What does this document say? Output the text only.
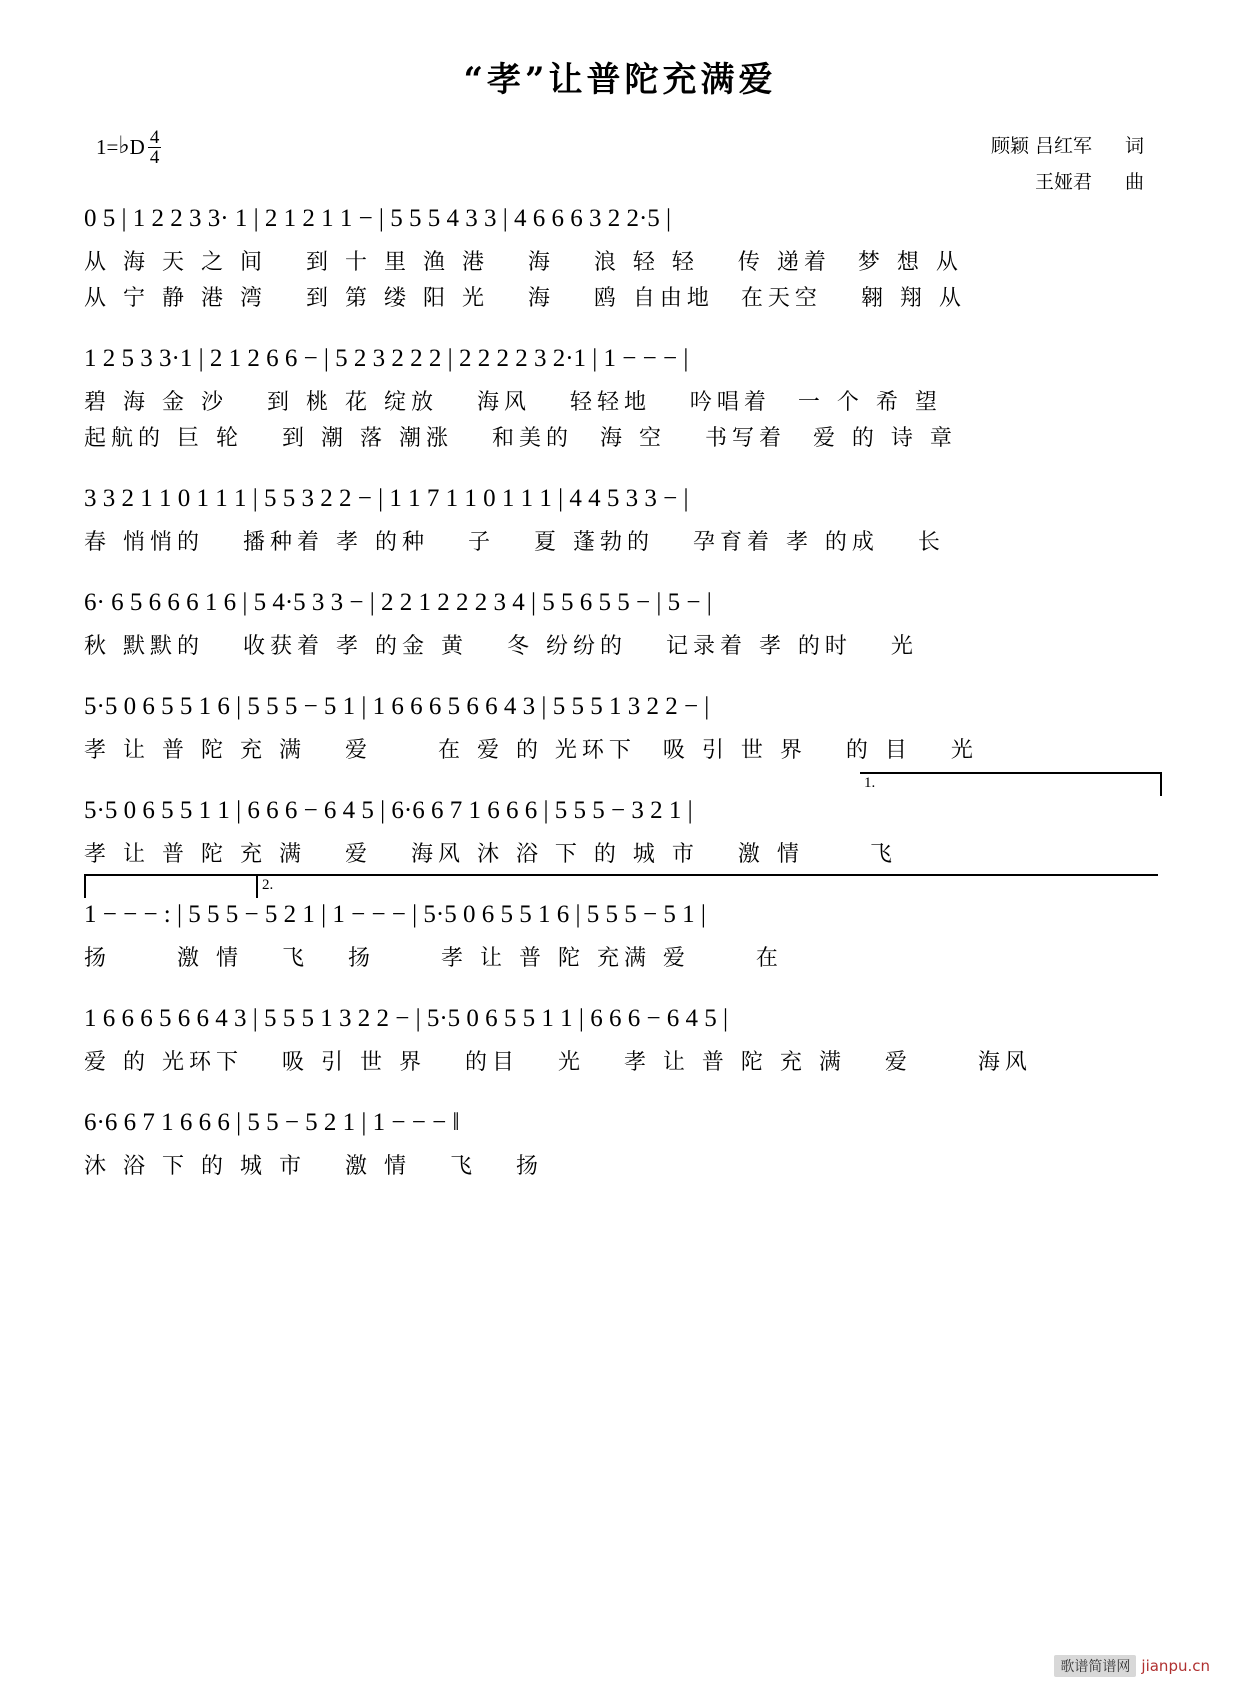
“孝”让普陀充满爱
1= ♭ D 4
4
顾颖 吕红军	词
王娅君	曲
0 5 | 1 2 2 3 3· 1 | 2 1 2 1 1 − | 5 5 5 4 3 3 | 4 6 6 6 3 2 2·5 |
从 海 天 之 间　 到 十 里 渔 港　 海　 浪 轻 轻　 传 递着　梦 想 从
从 宁 静 港 湾　 到 第 缕 阳 光　 海　 鸥 自由地　在天空　 翱 翔 从
1 2 5 3 3·1 | 2 1 2 6 6 − | 5 2 3 2 2 2 | 2 2 2 2 3 2·1 | 1 − − − |
碧 海 金 沙　 到 桃 花 绽放　 海风　 轻轻地　 吟唱着　一 个 希 望
起航的 巨 轮　 到 潮 落 潮涨　 和美的　海 空　 书写着　爱 的 诗 章
3 3 2 1 1 0 1 1 1 | 5 5 3 2 2 − | 1 1 7 1 1 0 1 1 1 | 4 4 5 3 3 − |
春 悄悄的　 播种着 孝 的种　 子　 夏 蓬勃的　 孕育着 孝 的成　 长
6· 6 5 6 6 6 1 6 | 5 4·5 3 3 − | 2 2 1 2 2 2 3 4 | 5 5 6 5 5 − | 5 − |
秋 默默的　 收获着 孝 的金 黄　 冬 纷纷的　 记录着 孝 的时　 光
5·5 0 6 5 5 1 6 | 5 5 5 − 5 1 | 1 6 6 6 5 6 6 4 3 | 5 5 5 1 3 2 2 − |
孝 让 普 陀 充 满　 爱　　 在 爱 的 光环下　吸 引 世 界　 的 目　 光
1.
5·5 0 6 5 5 1 1 | 6 6 6 − 6 4 5 | 6·6 6 7 1 6 6 6 | 5 5 5 − 3 2 1 |
孝 让 普 陀 充 满　 爱　 海风 沐 浴 下 的 城 市　 激 情　　 飞
2.
1 − − − : | 5 5 5 − 5 2 1 | 1 − − − | 5·5 0 6 5 5 1 6 | 5 5 5 − 5 1 |
扬　　 激 情　 飞　 扬　　 孝 让 普 陀 充满 爱　　 在
1 6 6 6 5 6 6 4 3 | 5 5 5 1 3 2 2 − | 5·5 0 6 5 5 1 1 | 6 6 6 − 6 4 5 |
爱 的 光环下　 吸 引 世 界　 的目　 光　 孝 让 普 陀 充 满　 爱　　 海风
6·6 6 7 1 6 6 6 | 5 5 − 5 2 1 | 1 − − − ‖
沐 浴 下 的 城 市　 激 情　 飞　 扬
歌谱简谱网 jianpu.cn
